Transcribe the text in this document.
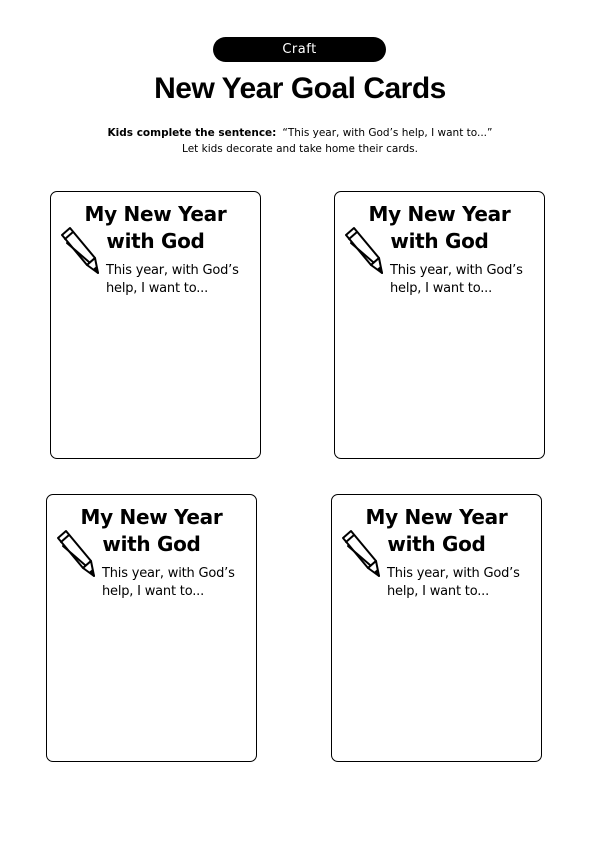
Craft
New Year Goal Cards
Kids complete the sentence: “This year, with God’s help, I want to...”
Let kids decorate and take home their cards.
My New Year
with God
This year, with God’s
help, I want to...
My New Year
with God
This year, with God’s
help, I want to...
My New Year
with God
This year, with God’s
help, I want to...
My New Year
with God
This year, with God’s
help, I want to...
